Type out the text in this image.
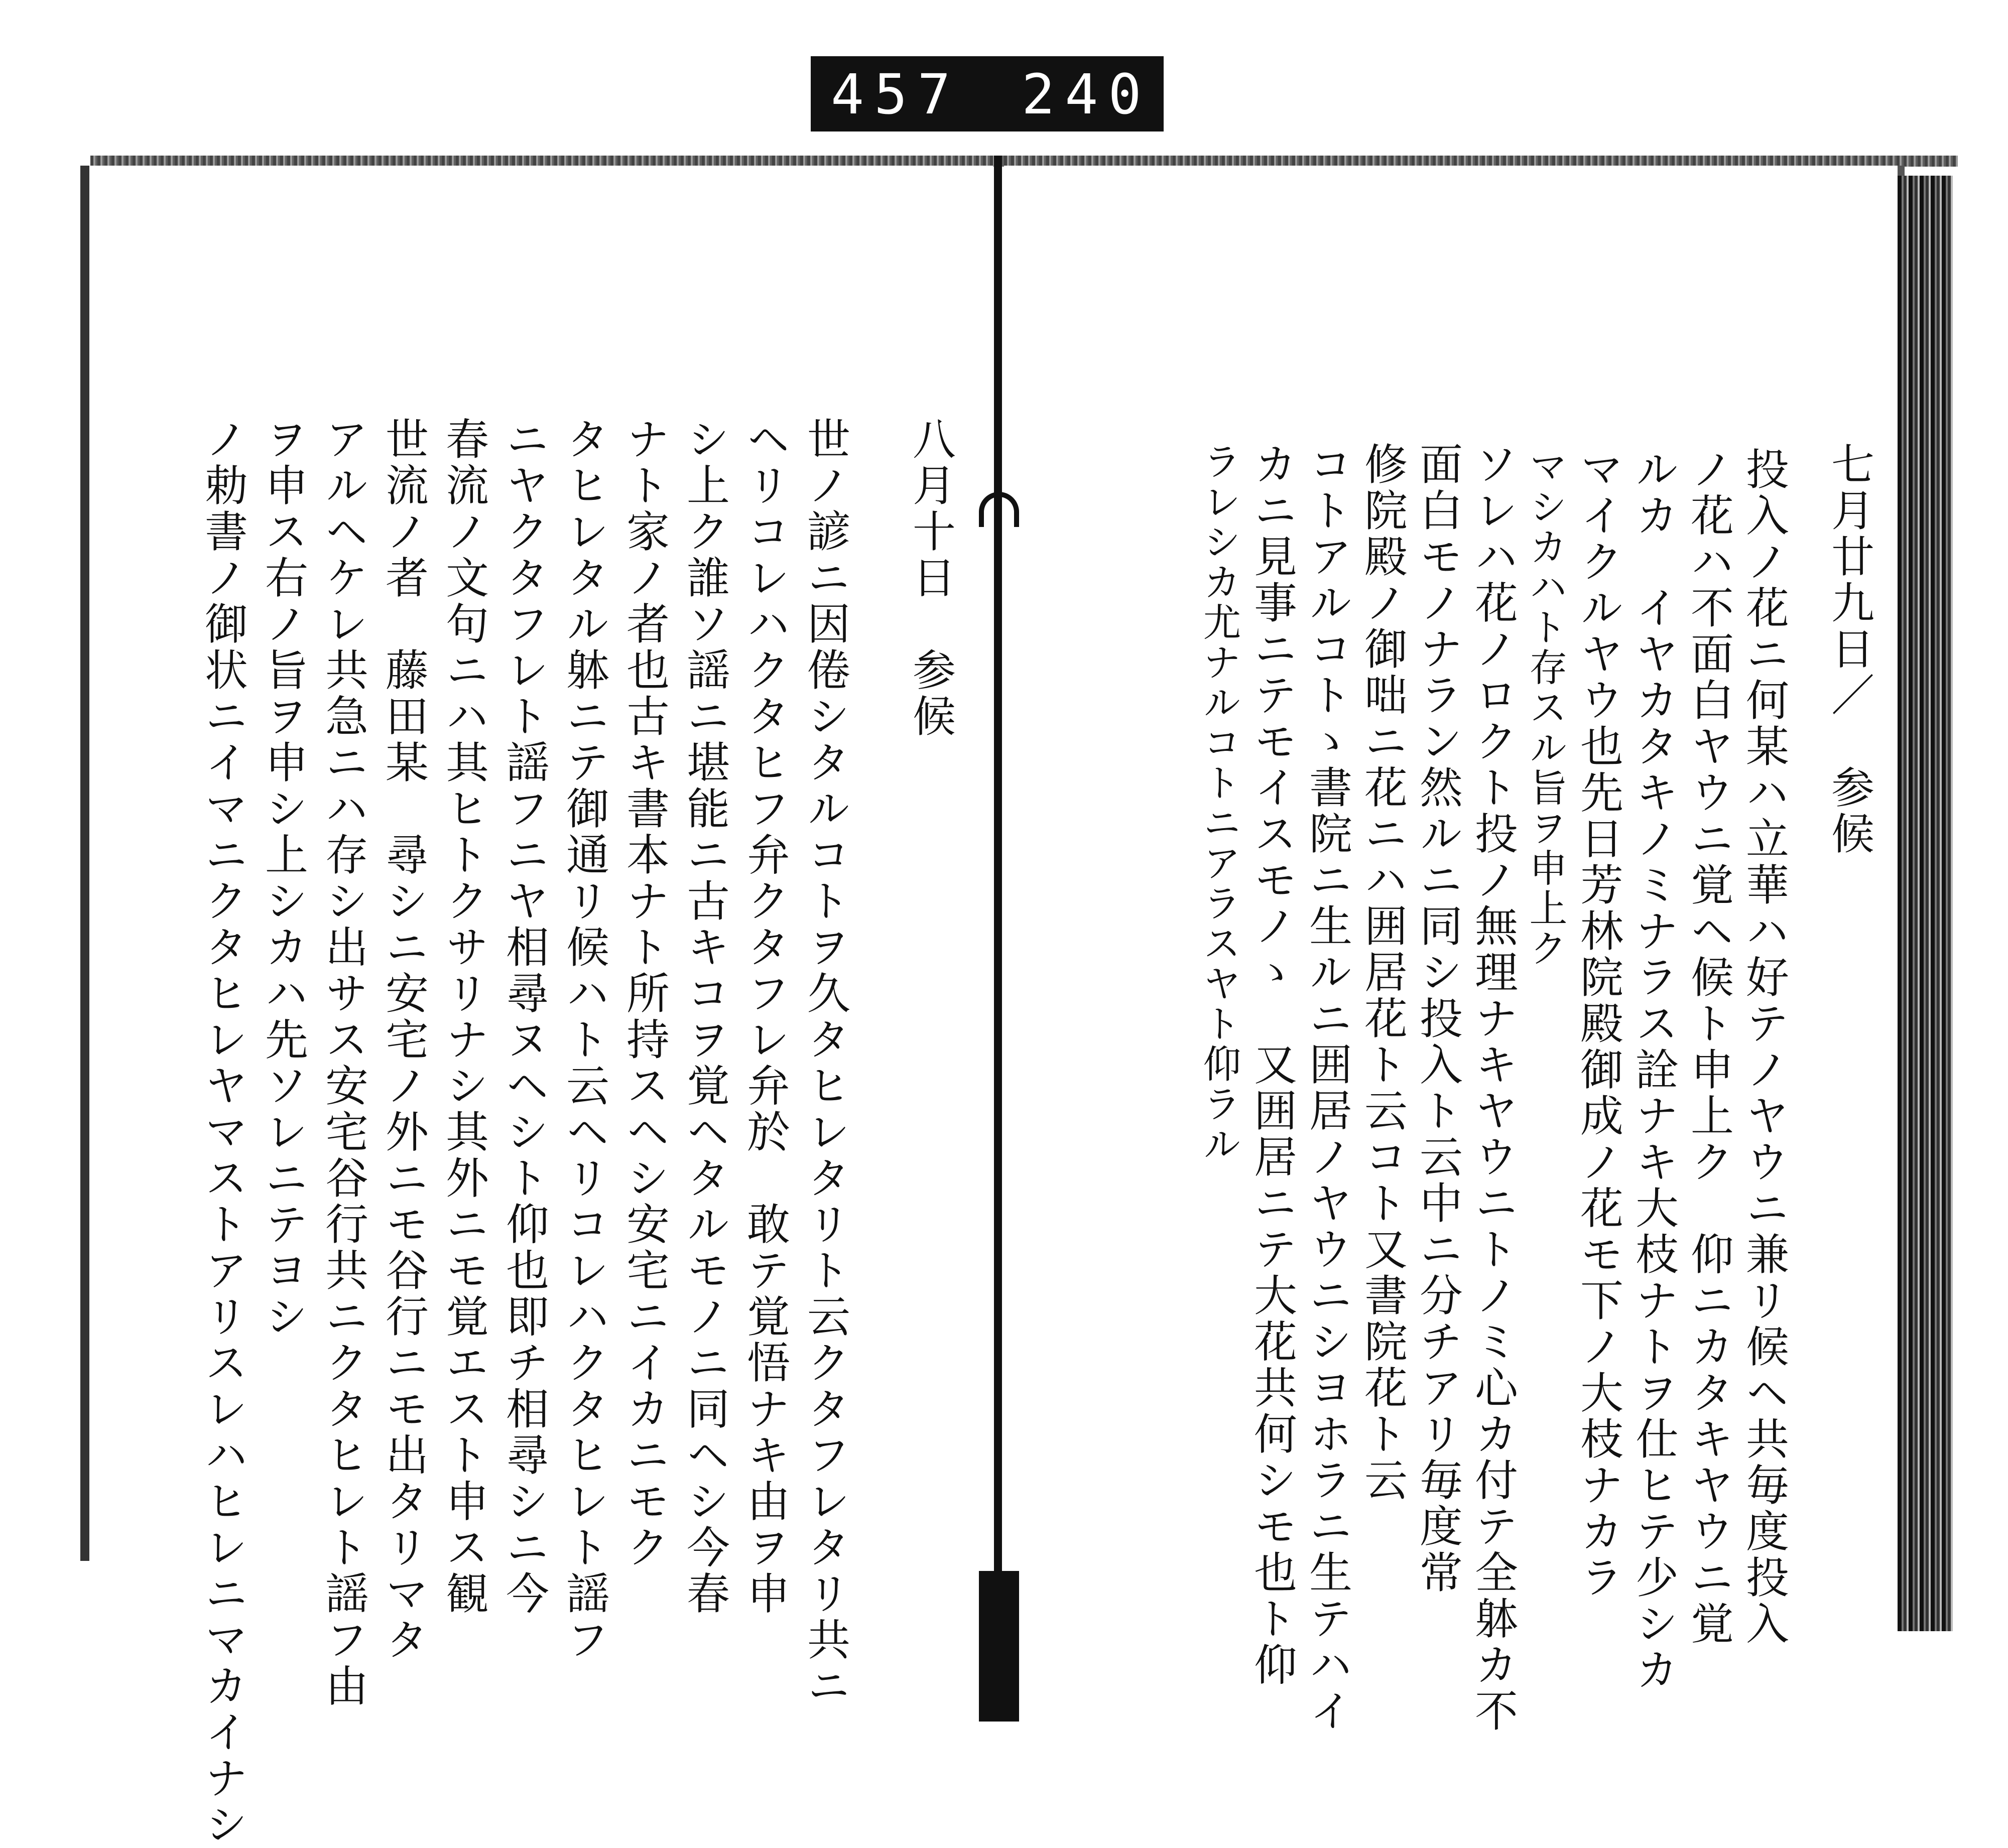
457 240.
七月廿九日／　参候
投入ノ花ニ何某ハ立華ハ好テノヤウニ兼リ候ヘ共毎度投入
ノ花ハ不面白ヤウニ覚ヘ候ト申上ク　仰ニカタキヤウニ覚
ルカ　イヤカタキノミナラス詮ナキ大枝ナトヲ仕ヒテ少シカ
マイクルヤウ也先日芳林院殿御成ノ花モ下ノ大枝ナカラ
マシカハト存スル旨ヲ申上ク
ソレハ花ノロクト投ノ無理ナキヤウニトノミ心カ付テ全躰カ不
面白モノナラン然ルニ同シ投入ト云中ニ分チアリ毎度常
修院殿ノ御咄ニ花ニハ囲居花ト云コト又書院花ト云
コトアルコトゝ書院ニ生ルニ囲居ノヤウニシヨホラニ生テハイ
カニ見事ニテモイスモノゝ　又囲居ニテ大花共何シモ也ト仰
ラレシカ尤ナルコトニアラスヤト仰ラル
八月十日　参候
世ノ諺ニ因倦シタルコトヲ久タヒレタリト云クタフレタリ共ニ
ヘリコレハクタヒフ弁クタフレ弁於　敢テ覚悟ナキ由ヲ申
シ上ク誰ソ謡ニ堪能ニ古キコヲ覚ヘタルモノニ同ヘシ今春
ナト家ノ者也古キ書本ナト所持スヘシ安宅ニイカニモク
タヒレタル躰ニテ御通リ候ハト云ヘリコレハクタヒレト謡フ
ニヤクタフレト謡フニヤ相尋ヌヘシト仰也即チ相尋シニ今
春流ノ文句ニハ其ヒトクサリナシ其外ニモ覚エスト申ス観
世流ノ者　藤田某　尋シニ安宅ノ外ニモ谷行ニモ出タリマタ
アルヘケレ共急ニハ存シ出サス安宅谷行共ニクタヒレト謡フ由
ヲ申ス右ノ旨ヲ申シ上シカハ先ソレニテヨシ
ノ勅書ノ御状ニイマニクタヒレヤマストアリスレハヒレニマカイナシ
